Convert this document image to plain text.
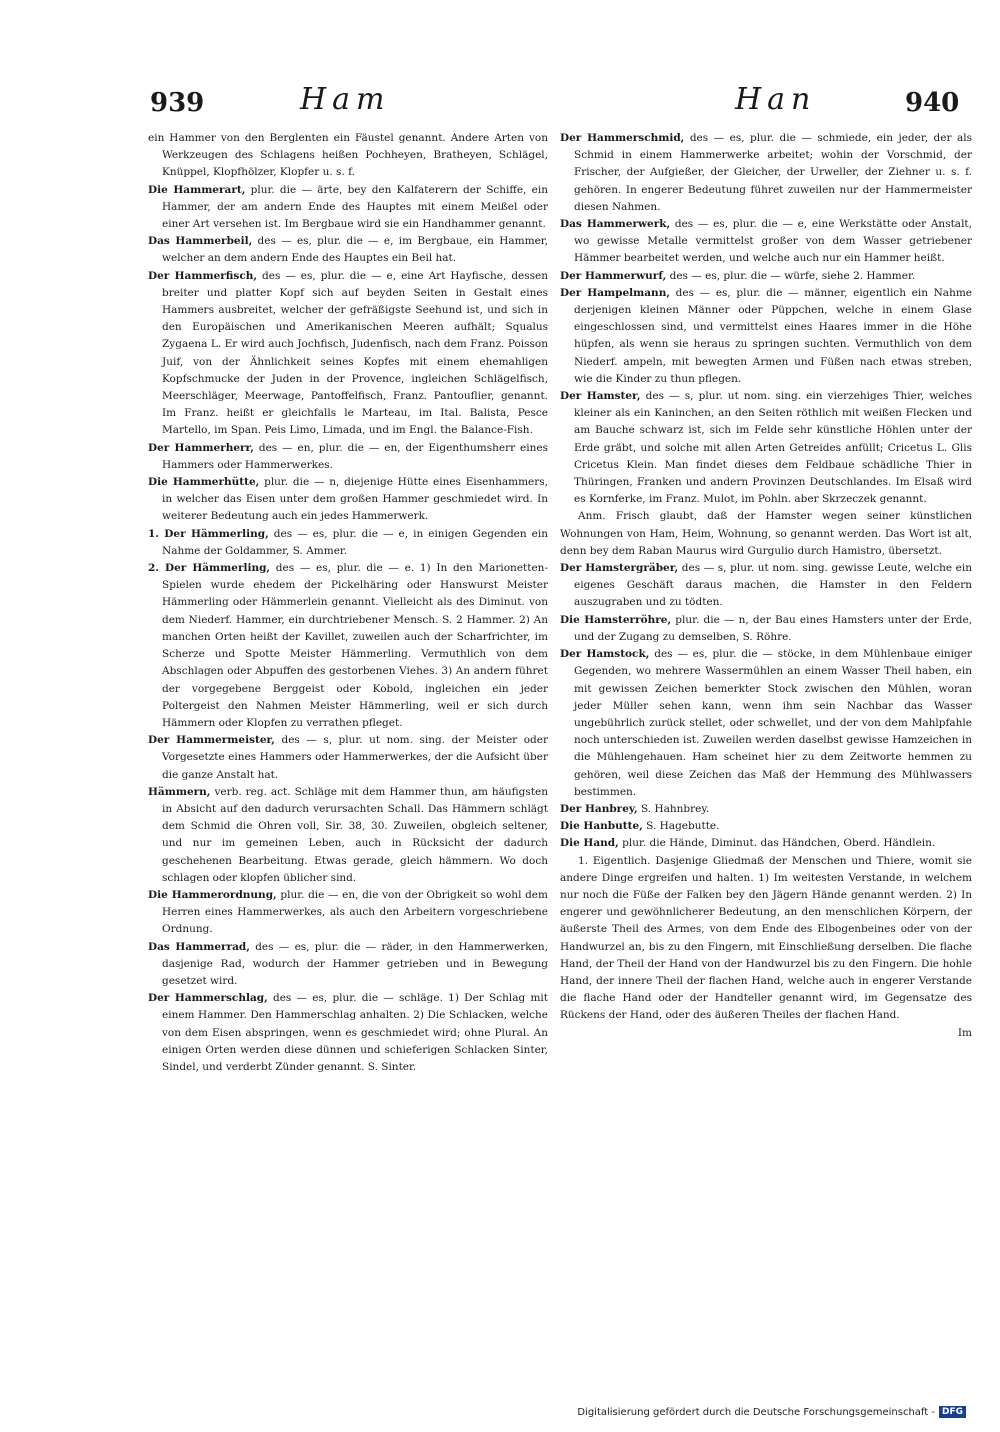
939	Ham	Han	940

ein Hammer von den Berglenten ein Fäustel genannt. Andere Arten von Werkzeugen des Schlagens heißen Pochheyen, Bratheyen, Schlägel, Knüppel, Klopfhölzer, Klopfer u. s. f.

Die Hammerart, plur. die — ärte, bey den Kalfaterern der Schiffe, ein Hammer, der am andern Ende des Hauptes mit einem Meißel oder einer Art versehen ist. Im Bergbaue wird sie ein Handhammer genannt.

Das Hammerbeil, des — es, plur. die — e, im Bergbaue, ein Hammer, welcher an dem andern Ende des Hauptes ein Beil hat.

Der Hammerfisch, des — es, plur. die — e, eine Art Hayfische, dessen breiter und platter Kopf sich auf beyden Seiten in Gestalt eines Hammers ausbreitet, welcher der gefräßigste Seehund ist, und sich in den Europäischen und Amerikanischen Meeren aufhält; Squalus Zygaena L. Er wird auch Jochfisch, Judenfisch, nach dem Franz. Poisson Juif, von der Ähnlichkeit seines Kopfes mit einem ehemahligen Kopfschmucke der Juden in der Provence, ingleichen Schlägelfisch, Meerschläger, Meerwage, Pantoffelfisch, Franz. Pantouflier, genannt. Im Franz. heißt er gleichfalls le Marteau, im Ital. Balista, Pesce Martello, im Span. Peis Limo, Limada, und im Engl. the Balance-Fish.

Der Hammerherr, des — en, plur. die — en, der Eigenthumsherr eines Hammers oder Hammerwerkes.

Die Hammerhütte, plur. die — n, diejenige Hütte eines Eisenhammers, in welcher das Eisen unter dem großen Hammer geschmiedet wird. In weiterer Bedeutung auch ein jedes Hammerwerk.

1. Der Hämmerling, des — es, plur. die — e, in einigen Gegenden ein Nahme der Goldammer, S. Ammer.

2. Der Hämmerling, des — es, plur. die — e. 1) In den Marionetten-Spielen wurde ehedem der Pickelhäring oder Hanswurst Meister Hämmerling oder Hämmerlein genannt. Vielleicht als des Diminut. von dem Niederf. Hammer, ein durchtriebener Mensch. S. 2 Hammer. 2) An manchen Orten heißt der Kavillet, zuweilen auch der Scharfrichter, im Scherze und Spotte Meister Hämmerling. Vermuthlich von dem Abschlagen oder Abpuffen des gestorbenen Viehes. 3) An andern führet der vorgegebene Berggeist oder Kobold, ingleichen ein jeder Poltergeist den Nahmen Meister Hämmerling, weil er sich durch Hämmern oder Klopfen zu verrathen pfleget.

Der Hammermeister, des — s, plur. ut nom. sing. der Meister oder Vorgesetzte eines Hammers oder Hammerwerkes, der die Aufsicht über die ganze Anstalt hat.

Hämmern, verb. reg. act. Schläge mit dem Hammer thun, am häufigsten in Absicht auf den dadurch verursachten Schall. Das Hämmern schlägt dem Schmid die Ohren voll, Sir. 38, 30. Zuweilen, obgleich seltener, und nur im gemeinen Leben, auch in Rücksicht der dadurch geschehenen Bearbeitung. Etwas gerade, gleich hämmern. Wo doch schlagen oder klopfen üblicher sind.

Die Hammerordnung, plur. die — en, die von der Obrigkeit so wohl dem Herren eines Hammerwerkes, als auch den Arbeitern vorgeschriebene Ordnung.

Das Hammerrad, des — es, plur. die — räder, in den Hammerwerken, dasjenige Rad, wodurch der Hammer getrieben und in Bewegung gesetzet wird.

Der Hammerschlag, des — es, plur. die — schläge. 1) Der Schlag mit einem Hammer. Den Hammerschlag anhalten. 2) Die Schlacken, welche von dem Eisen abspringen, wenn es geschmiedet wird; ohne Plural. An einigen Orten werden diese dünnen und schieferigen Schlacken Sinter, Sindel, und verderbt Zünder genannt. S. Sinter.

Der Hammerschmid, des — es, plur. die — schmiede, ein jeder, der als Schmid in einem Hammerwerke arbeitet; wohin der Vorschmid, der Frischer, der Aufgießer, der Gleicher, der Urweller, der Ziehner u. s. f. gehören. In engerer Bedeutung führet zuweilen nur der Hammermeister diesen Nahmen.

Das Hammerwerk, des — es, plur. die — e, eine Werkstätte oder Anstalt, wo gewisse Metalle vermittelst großer von dem Wasser getriebener Hämmer bearbeitet werden, und welche auch nur ein Hammer heißt.

Der Hammerwurf, des — es, plur. die — würfe, siehe 2. Hammer.

Der Hampelmann, des — es, plur. die — männer, eigentlich ein Nahme derjenigen kleinen Männer oder Püppchen, welche in einem Glase eingeschlossen sind, und vermittelst eines Haares immer in die Höhe hüpfen, als wenn sie heraus zu springen suchten. Vermuthlich von dem Niederf. ampeln, mit bewegten Armen und Füßen nach etwas streben, wie die Kinder zu thun pflegen.

Der Hamster, des — s, plur. ut nom. sing. ein vierzehiges Thier, welches kleiner als ein Kaninchen, an den Seiten röthlich mit weißen Flecken und am Bauche schwarz ist, sich im Felde sehr künstliche Höhlen unter der Erde gräbt, und solche mit allen Arten Getreides anfüllt; Cricetus L. Glis Cricetus Klein. Man findet dieses dem Feldbaue schädliche Thier in Thüringen, Franken und andern Provinzen Deutschlandes. Im Elsaß wird es Kornferke, im Franz. Mulot, im Pohln. aber Skrzeczek genannt.

Anm. Frisch glaubt, daß der Hamster wegen seiner künstlichen Wohnungen von Ham, Heim, Wohnung, so genannt werden. Das Wort ist alt, denn bey dem Raban Maurus wird Gurgulio durch Hamistro, übersetzt.

Der Hamstergräber, des — s, plur. ut nom. sing. gewisse Leute, welche ein eigenes Geschäft daraus machen, die Hamster in den Feldern auszugraben und zu tödten.

Die Hamsterröhre, plur. die — n, der Bau eines Hamsters unter der Erde, und der Zugang zu demselben, S. Röhre.

Der Hamstock, des — es, plur. die — stöcke, in dem Mühlenbaue einiger Gegenden, wo mehrere Wassermühlen an einem Wasser Theil haben, ein mit gewissen Zeichen bemerkter Stock zwischen den Mühlen, woran jeder Müller sehen kann, wenn ihm sein Nachbar das Wasser ungebührlich zurück stellet, oder schwellet, und der von dem Mahlpfahle noch unterschieden ist. Zuweilen werden daselbst gewisse Hamzeichen in die Mühlengehauen. Ham scheinet hier zu dem Zeitworte hemmen zu gehören, weil diese Zeichen das Maß der Hemmung des Mühlwassers bestimmen.

Der Hanbrey, S. Hahnbrey.

Die Hanbutte, S. Hagebutte.

Die Hand, plur. die Hände, Diminut. das Händchen, Oberd. Händlein.

1. Eigentlich. Dasjenige Gliedmaß der Menschen und Thiere, womit sie andere Dinge ergreifen und halten. 1) Im weitesten Verstande, in welchem nur noch die Füße der Falken bey den Jägern Hände genannt werden. 2) In engerer und gewöhnlicherer Bedeutung, an den menschlichen Körpern, der äußerste Theil des Armes, von dem Ende des Elbogenbeines oder von der Handwurzel an, bis zu den Fingern, mit Einschließung derselben. Die flache Hand, der Theil der Hand von der Handwurzel bis zu den Fingern. Die hohle Hand, der innere Theil der flachen Hand, welche auch in engerer Verstande die flache Hand oder der Handteller genannt wird, im Gegensatze des Rückens der Hand, oder des äußeren Theiles der flachen Hand.

Im

Digitalisierung gefördert durch die Deutsche Forschungsgemeinschaft - DFG
